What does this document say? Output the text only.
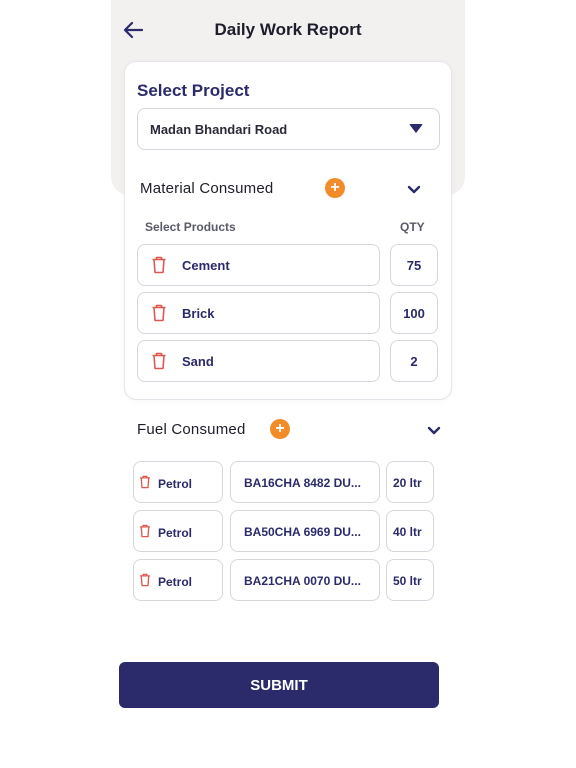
Daily Work Report
Select Project
Madan Bhandari Road
Material Consumed	+
Select Products	QTY
Cement	75
Brick	100
Sand	2
Fuel Consumed	+
Petrol	BA16CHA 8482 DU...	20 ltr
Petrol	BA50CHA 6969 DU...	40 ltr
Petrol	BA21CHA 0070 DU...	50 ltr
SUBMIT
